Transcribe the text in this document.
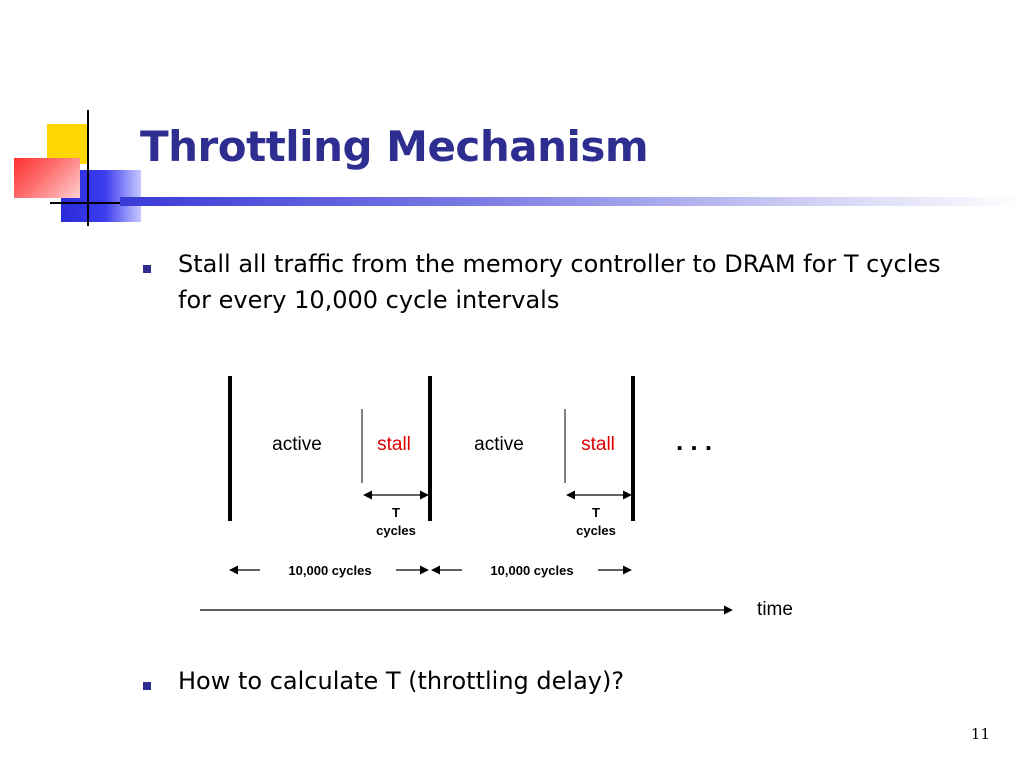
Throttling Mechanism
Stall all traffic from the memory controller to DRAM for T cycles for every 10,000 cycle intervals
active	stall	active	stall . . .
T
cycles
T
cycles
10,000 cycles	10,000 cycles
time
How to calculate T (throttling delay)?
11
